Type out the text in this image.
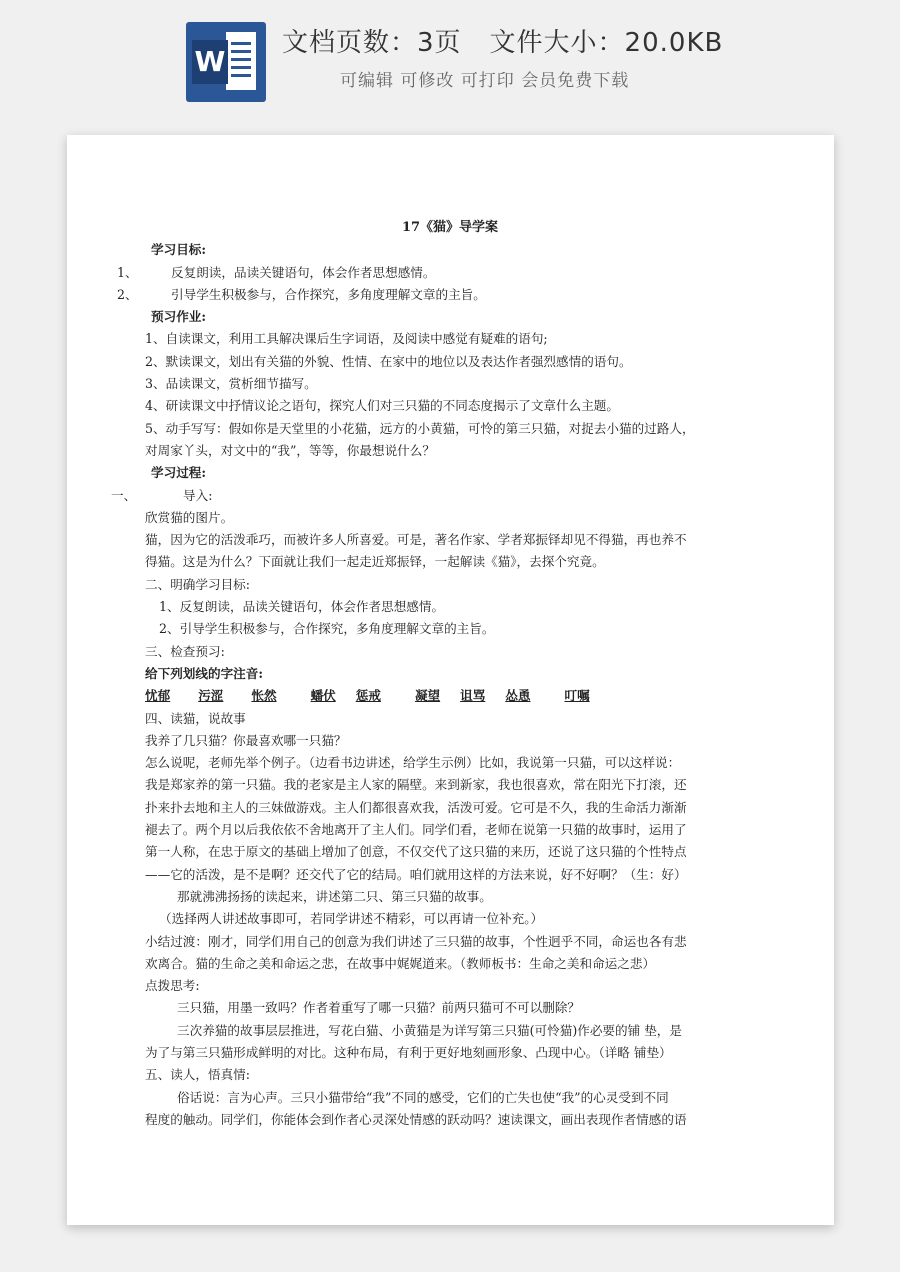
W
文档页数：3页 文件大小：20.0KB
可编辑 可修改 可打印 会员免费下载
17《猫》导学案
学习目标:
1、	反复朗读，品读关键语句，体会作者思想感情。
2、	引导学生积极参与，合作探究，多角度理解文章的主旨。
预习作业:
1、自读课文，利用工具解决课后生字词语，及阅读中感觉有疑难的语句;
2、默读课文，划出有关猫的外貌、性情、在家中的地位以及表达作者强烈感情的语句。
3、品读课文，赏析细节描写。
4、研读课文中抒情议论之语句，探究人们对三只猫的不同态度揭示了文章什么主题。
5、动手写写：假如你是天堂里的小花猫，远方的小黄猫，可怜的第三只猫，对捉去小猫的过路人，
对周家丫头，对文中的“我”，等等，你最想说什么？
学习过程:
一、	导入:
欣赏猫的图片。
猫，因为它的活泼乖巧，而被许多人所喜爱。可是，著名作家、学者郑振铎却见不得猫，再也养不
得猫。这是为什么？下面就让我们一起走近郑振铎，一起解读《猫》，去探个究竟。
二、明确学习目标:
1、反复朗读，品读关键语句，体会作者思想感情。
2、引导学生积极参与，合作探究，多角度理解文章的主旨。
三、检查预习:
给下列划线的字注音:
忧郁 污涩 怅然	蟠伏 惩戒	凝望 诅骂 怂恿	叮嘱
四、读猫，说故事
我养了几只猫？你最喜欢哪一只猫？
怎么说呢，老师先举个例子。（边看书边讲述，给学生示例）比如，我说第一只猫，可以这样说：
我是郑家养的第一只猫。我的老家是主人家的隔壁。来到新家，我也很喜欢，常在阳光下打滚，还
扑来扑去地和主人的三妹做游戏。主人们都很喜欢我，活泼可爱。它可是不久，我的生命活力渐渐
褪去了。两个月以后我依依不舍地离开了主人们。同学们看，老师在说第一只猫的故事时，运用了
第一人称，在忠于原文的基础上增加了创意，不仅交代了这只猫的来历，还说了这只猫的个性特点
——它的活泼，是不是啊？还交代了它的结局。咱们就用这样的方法来说，好不好啊？（生：好）
那就沸沸扬扬的读起来，讲述第二只、第三只猫的故事。
（选择两人讲述故事即可，若同学讲述不精彩，可以再请一位补充。）
小结过渡：刚才，同学们用自己的创意为我们讲述了三只猫的故事，个性迥乎不同，命运也各有悲
欢离合。猫的生命之美和命运之悲，在故事中娓娓道来。（教师板书：生命之美和命运之悲）
点拨思考:
三只猫，用墨一致吗？作者着重写了哪一只猫？前两只猫可不可以删除？
三次养猫的故事层层推进，写花白猫、小黄猫是为详写第三只猫(可怜猫)作必要的铺 垫，是
为了与第三只猫形成鲜明的对比。这种布局，有利于更好地刻画形象、凸现中心。（详略 铺垫）
五、读人，悟真情:
俗话说：言为心声。三只小猫带给“我”不同的感受，它们的亡失也使“我”的心灵受到不同
程度的触动。同学们，你能体会到作者心灵深处情感的跃动吗？速读课文，画出表现作者情感的语
